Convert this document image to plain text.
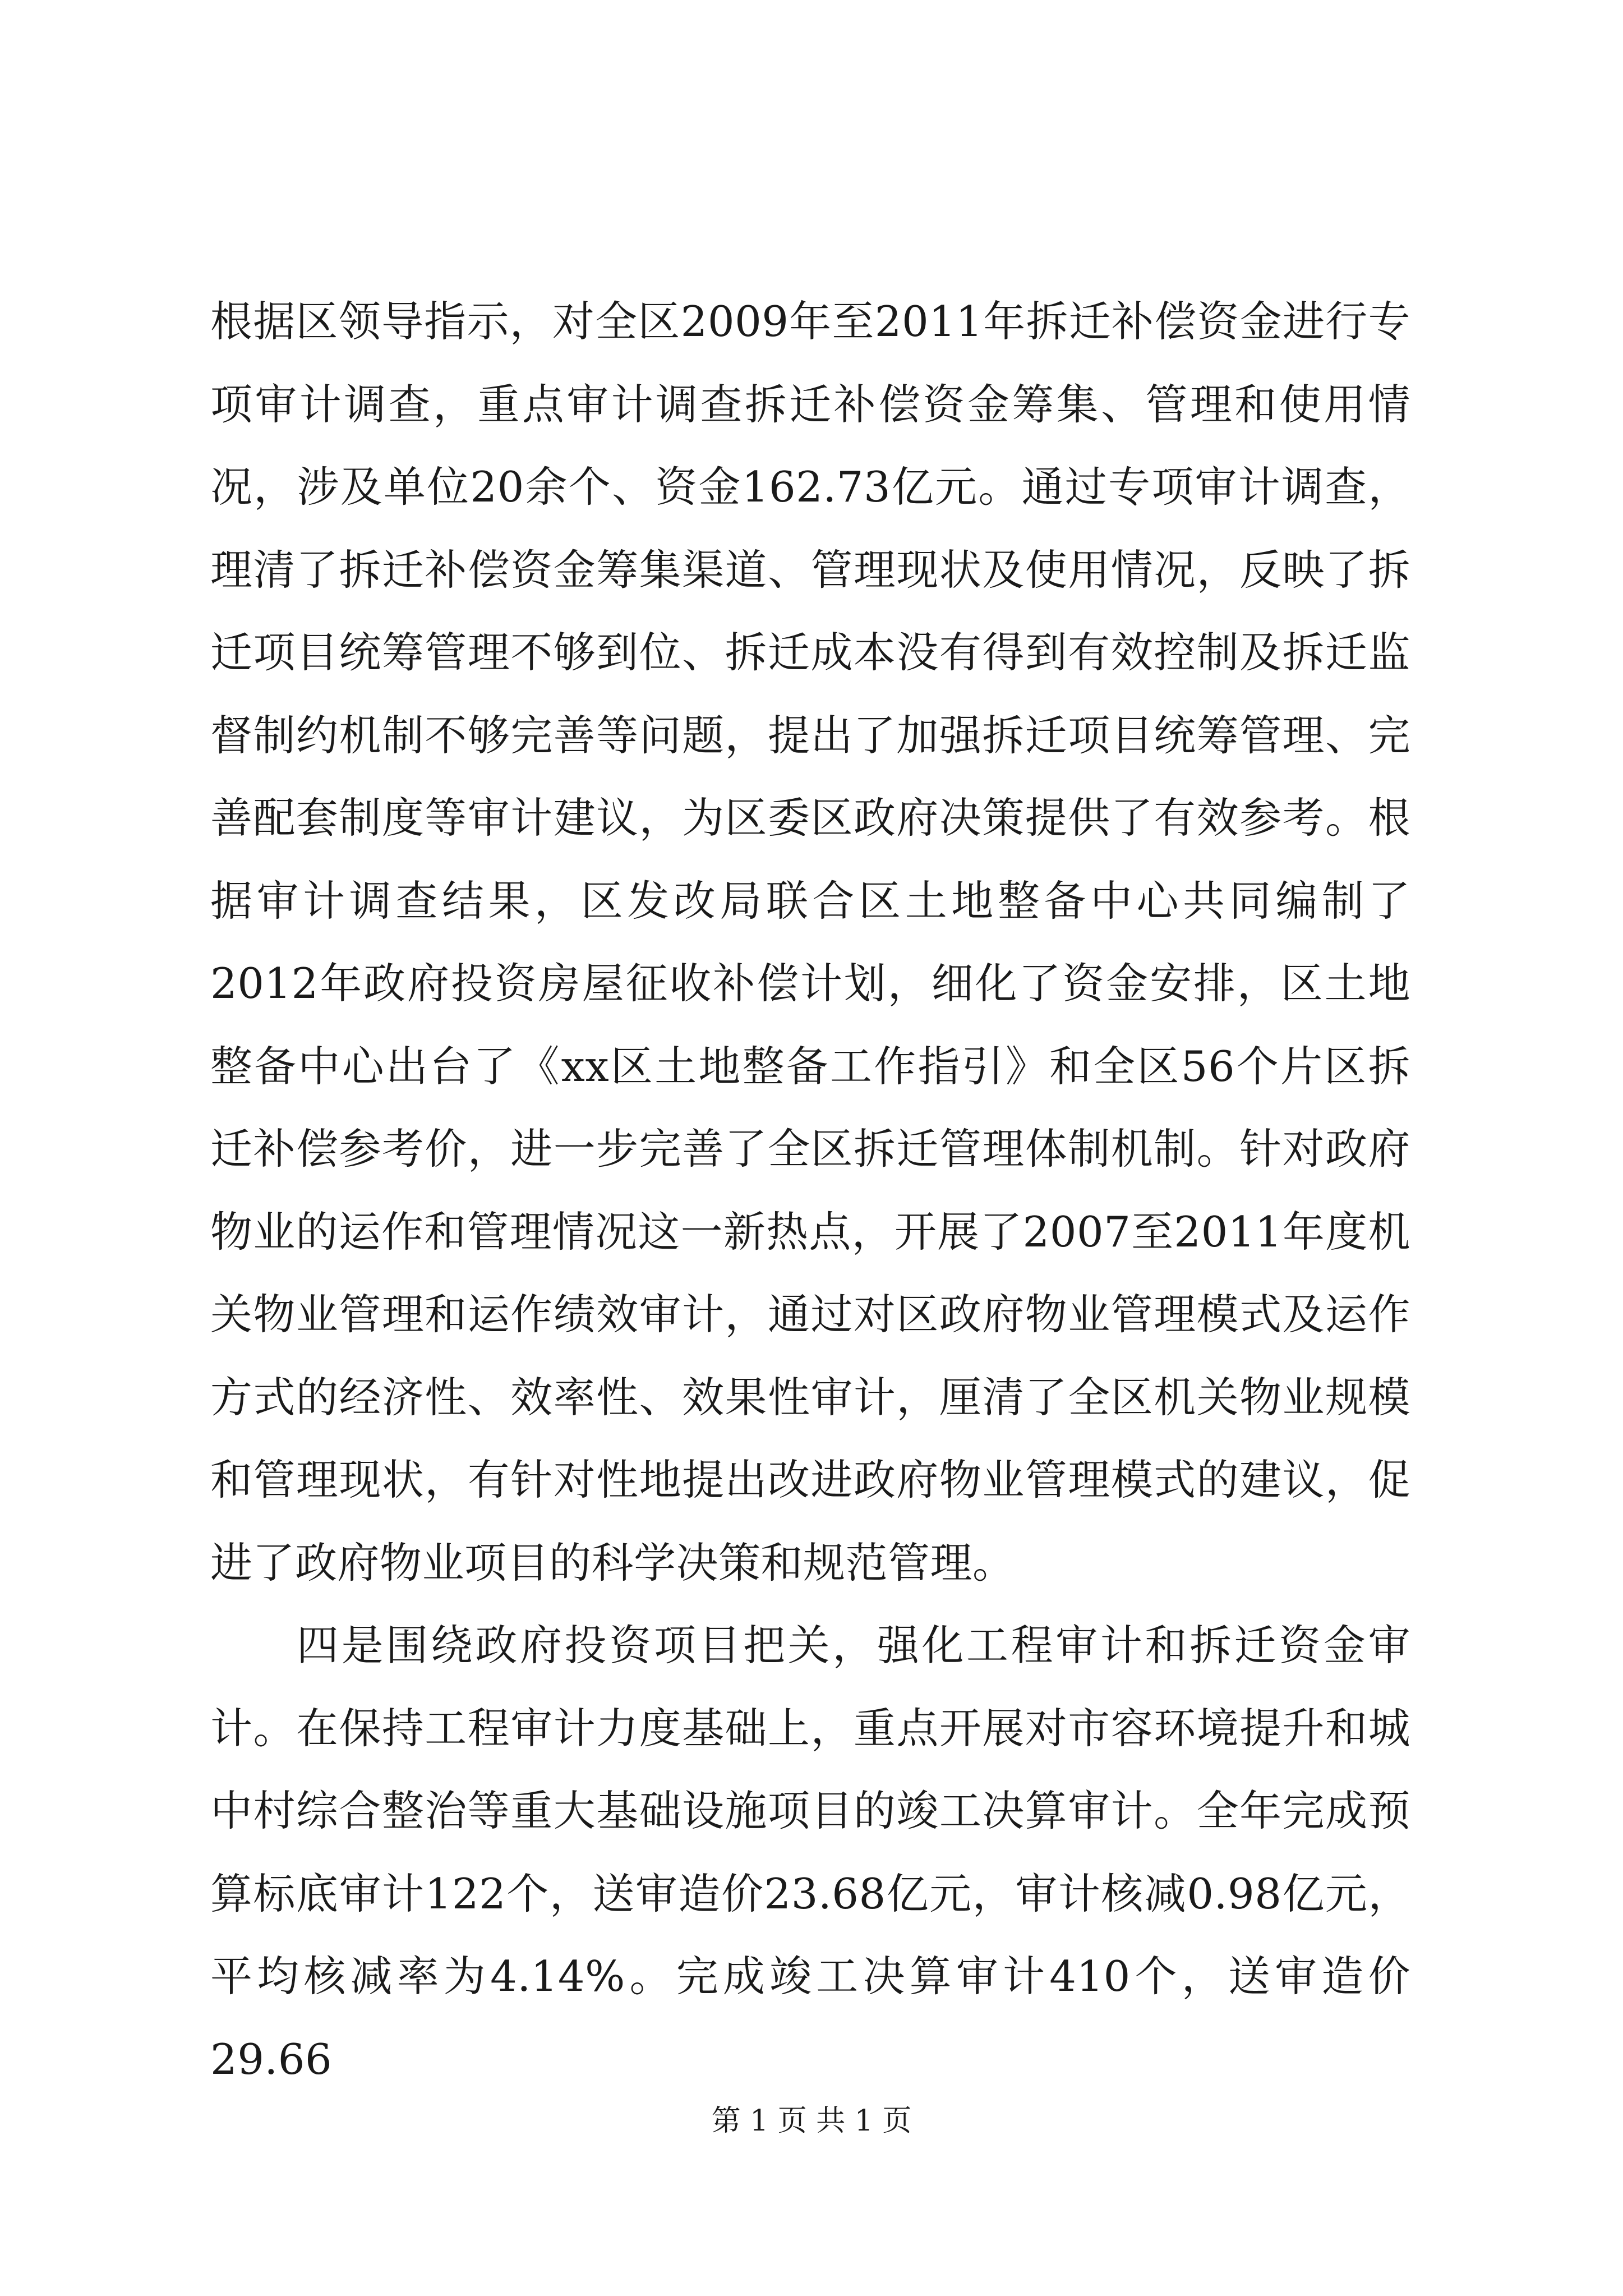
根据区领导指示，对全区2009年至2011年拆迁补偿资金进行专项审计调查，重点审计调查拆迁补偿资金筹集、管理和使用情况，涉及单位20余个、资金162.73亿元。通过专项审计调查，理清了拆迁补偿资金筹集渠道、管理现状及使用情况，反映了拆迁项目统筹管理不够到位、拆迁成本没有得到有效控制及拆迁监督制约机制不够完善等问题，提出了加强拆迁项目统筹管理、完善配套制度等审计建议，为区委区政府决策提供了有效参考。根据审计调查结果，区发改局联合区土地整备中心共同编制了2012年政府投资房屋征收补偿计划，细化了资金安排，区土地整备中心出台了《xx区土地整备工作指引》和全区56个片区拆迁补偿参考价，进一步完善了全区拆迁管理体制机制。针对政府物业的运作和管理情况这一新热点，开展了2007至2011年度机关物业管理和运作绩效审计，通过对区政府物业管理模式及运作方式的经济性、效率性、效果性审计，厘清了全区机关物业规模和管理现状，有针对性地提出改进政府物业管理模式的建议，促进了政府物业项目的科学决策和规范管理。

四是围绕政府投资项目把关，强化工程审计和拆迁资金审计。在保持工程审计力度基础上，重点开展对市容环境提升和城中村综合整治等重大基础设施项目的竣工决算审计。全年完成预算标底审计122个，送审造价23.68亿元，审计核减0.98亿元，平均核减率为4.14%。完成竣工决算审计410个，送审造价29.66

第 1 页 共 1 页
